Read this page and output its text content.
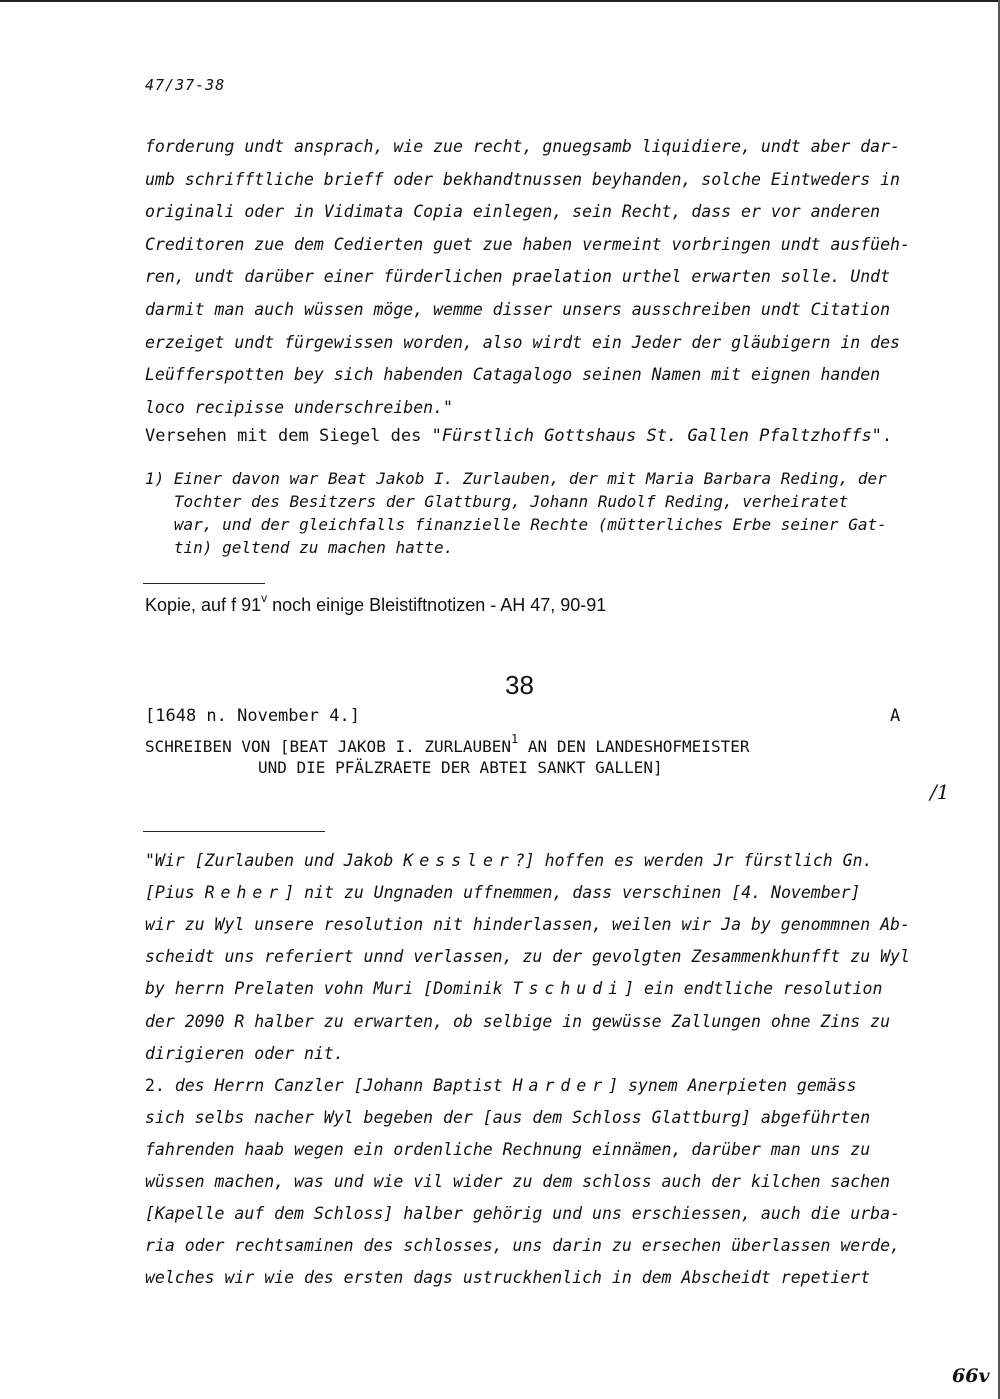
47/37-38
forderung undt ansprach, wie zue recht, gnuegsamb liquidiere, undt aber dar-
umb schrifftliche brieff oder bekhandtnussen beyhanden, solche Eintweders in
originali oder in Vidimata Copia einlegen, sein Recht, dass er vor anderen
Creditoren zue dem Cedierten guet zue haben vermeint vorbringen undt ausfüeh-
ren, undt darüber einer fürderlichen praelation urthel erwarten solle. Undt
darmit man auch wüssen möge, wemme disser unsers ausschreiben undt Citation
erzeiget undt fürgewissen worden, also wirdt ein Jeder der gläubigern in des
Leüfferspotten bey sich habenden Catagalogo seinen Namen mit eignen handen
loco recipisse underschreiben."
Versehen mit dem Siegel des "Fürstlich Gottshaus St. Gallen Pfaltzhoffs".
1) Einer davon war Beat Jakob I. Zurlauben, der mit Maria Barbara Reding, der
Tochter des Besitzers der Glattburg, Johann Rudolf Reding, verheiratet
war, und der gleichfalls finanzielle Rechte (mütterliches Erbe seiner Gat-
tin) geltend zu machen hatte.
Kopie, auf f 91$^v$ noch einige Bleistiftnotizen - AH 47, 90-91
38
[1648 n. November 4.]	A
SCHREIBEN VON [BEAT JAKOB I. ZURLAUBEN$^1$ AN DEN LANDESHOFMEISTER
UND DIE PFÄLZRAETE DER ABTEI SANKT GALLEN]
/1
"Wir [Zurlauben und Jakob Kessler?] hoffen es werden Jr fürstlich Gn.
[Pius Reher] nit zu Ungnaden uffnemmen, dass verschinen [4. November]
wir zu Wyl unsere resolution nit hinderlassen, weilen wir Ja by genommnen Ab-
scheidt uns referiert unnd verlassen, zu der gevolgten Zesammenkhunfft zu Wyl
by herrn Prelaten vohn Muri [Dominik Tschudi] ein endtliche resolution
der 2090 R halber zu erwarten, ob selbige in gewüsse Zallungen ohne Zins zu
dirigieren oder nit.
2. des Herrn Canzler [Johann Baptist Harder] synem Anerpieten gemäss
sich selbs nacher Wyl begeben der [aus dem Schloss Glattburg] abgeführten
fahrenden haab wegen ein ordenliche Rechnung einnämen, darüber man uns zu
wüssen machen, was und wie vil wider zu dem schloss auch der kilchen sachen
[Kapelle auf dem Schloss] halber gehörig und uns erschiessen, auch die urba-
ria oder rechtsaminen des schlosses, uns darin zu ersechen überlassen werde,
welches wir wie des ersten dags ustruckhenlich in dem Abscheidt repetiert
66v
